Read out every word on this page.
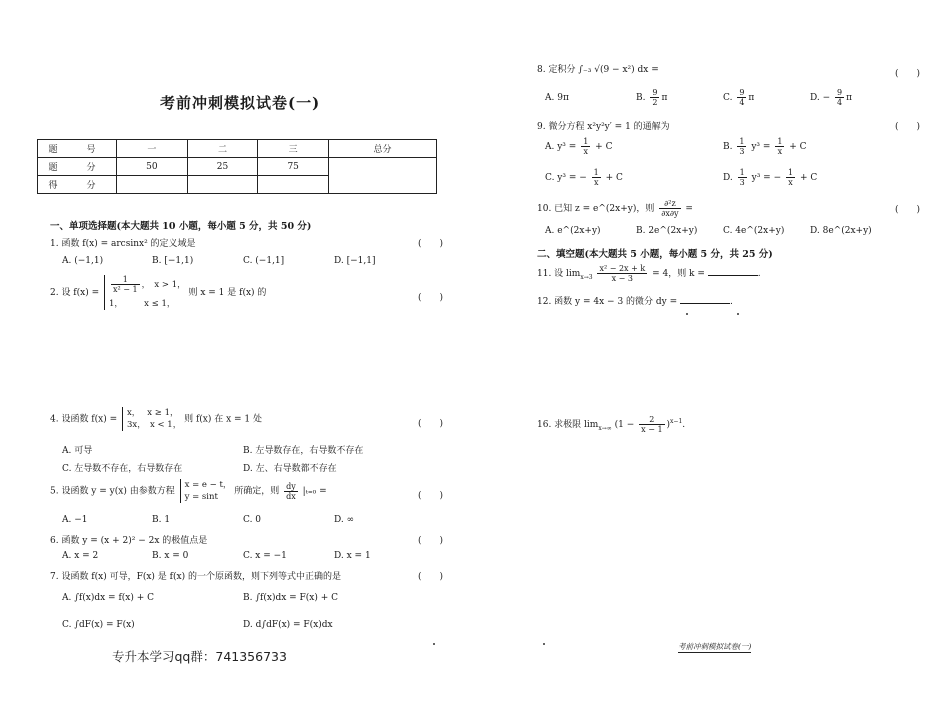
考前冲刺模拟试卷(一)
题　号	一	二	三	总分
题　分	50	25	75	
得　分				
一、单项选择题(本大题共 10 小题，每小题 5 分，共 50 分)
1. 函数 f(x) = arcsinx² 的定义域是	(　　)
A. (−1,1)	B. [−1,1)	C. (−1,1]	D. [−1,1]
2. 设 $f(x) = \frac{1}{\text{x² − 1}}$ ，　x > 1，
1，　　　x ≤ 1，
则 x = 1 是 f(x) 的	(　　)
4. 设函数 f(x) =
x，　 x ≥ 1，
3x，　x < 1，
则 f(x) 在 x = 1 处	(　　)
A. 可导	B. 左导数存在，右导数不存在
C. 左导数不存在，右导数存在	D. 左、右导数都不存在
5. 设函数 y = y(x) 由参数方程
x = e − t，
y = sint
所确定，则 $\frac{dy}{dx} |_{t=0}$ =	(　　)
A. −1	B. 1	C. 0	D. ∞
6. 函数 y = (x + 2)² − 2x 的极值点是	(　　)
A. x = 2	B. x = 0	C. x = −1	D. x = 1
7. 设函数 f(x) 可导，F(x) 是 f(x) 的一个原函数，则下列等式中正确的是	(　　)
A. ∫f(x)dx = f(x) + C	B. ∫f(x)dx = F(x) + C
C. ∫dF(x) = F(x)	D. d∫dF(x) = F(x)dx
专升本学习qq群：741356733
8. 定积分 ∫₋₃ √(9 − x²) dx =	(　　)
A. 9π	B. $\frac{9}{2}$ π	C. $\frac{9}{4}$ π	D. − $\frac{9}{4}$ π
9. 微分方程 x²y²y′ = 1 的通解为	(　　)
A. $y^3 = \frac{1}{x} + C$	B. $\frac{1}{3} y^3 = \frac{1}{x} + C$
C. y³ = − $\frac{1}{x} + C$	D. $\frac{1}{3} y^3$ = − $\frac{1}{x} + C$
10. 已知 z = e^(2x+y)，则 $\frac{\text{∂²z}}{\partial x\partial y}$ =	(　　)
A. e^(2x+y)	B. 2e^(2x+y)	C. 4e^(2x+y)	D. 8e^(2x+y)
二、填空题(本大题共 5 小题，每小题 5 分，共 25 分)
11. 设 $\lim_{x\to 3} \frac{\text{x² − 2x + k}}{x - 3} = 4$，则 k =	.
12. 函数 y = 4x − 3 的微分 dy =	.
16. 求极限 $\lim_{x\to\infty} (1 - \frac{2}{x - 1} )^{x-1}$.
考前冲刺模拟试卷(一)
